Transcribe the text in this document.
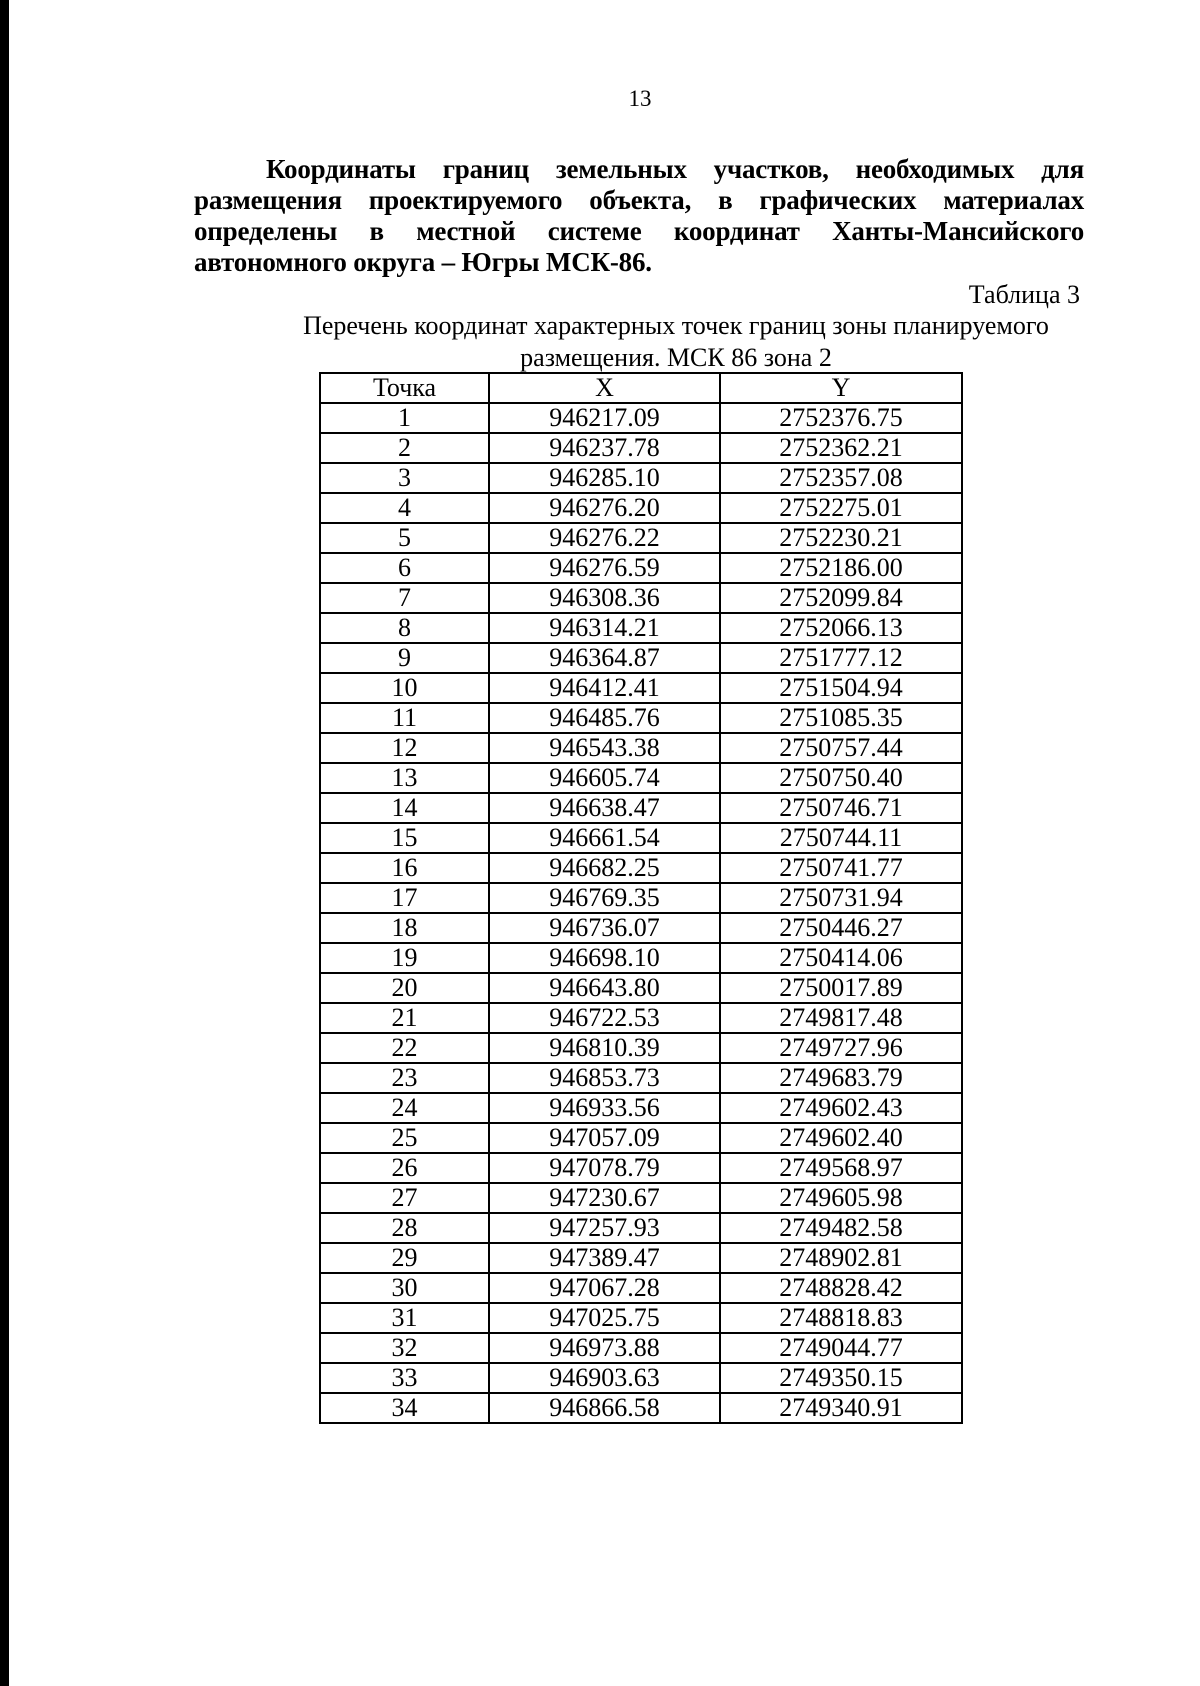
13

Координаты границ земельных участков, необходимых для размещения проектируемого объекта, в графических материалах определены в местной системе координат Ханты-Мансийского автономного округа – Югры МСК-86.

Таблица 3
Перечень координат характерных точек границ зоны планируемого
размещения. МСК 86 зона 2
Точка	X	Y
1	946217.09	2752376.75
2	946237.78	2752362.21
3	946285.10	2752357.08
4	946276.20	2752275.01
5	946276.22	2752230.21
6	946276.59	2752186.00
7	946308.36	2752099.84
8	946314.21	2752066.13
9	946364.87	2751777.12
10	946412.41	2751504.94
11	946485.76	2751085.35
12	946543.38	2750757.44
13	946605.74	2750750.40
14	946638.47	2750746.71
15	946661.54	2750744.11
16	946682.25	2750741.77
17	946769.35	2750731.94
18	946736.07	2750446.27
19	946698.10	2750414.06
20	946643.80	2750017.89
21	946722.53	2749817.48
22	946810.39	2749727.96
23	946853.73	2749683.79
24	946933.56	2749602.43
25	947057.09	2749602.40
26	947078.79	2749568.97
27	947230.67	2749605.98
28	947257.93	2749482.58
29	947389.47	2748902.81
30	947067.28	2748828.42
31	947025.75	2748818.83
32	946973.88	2749044.77
33	946903.63	2749350.15
34	946866.58	2749340.91
